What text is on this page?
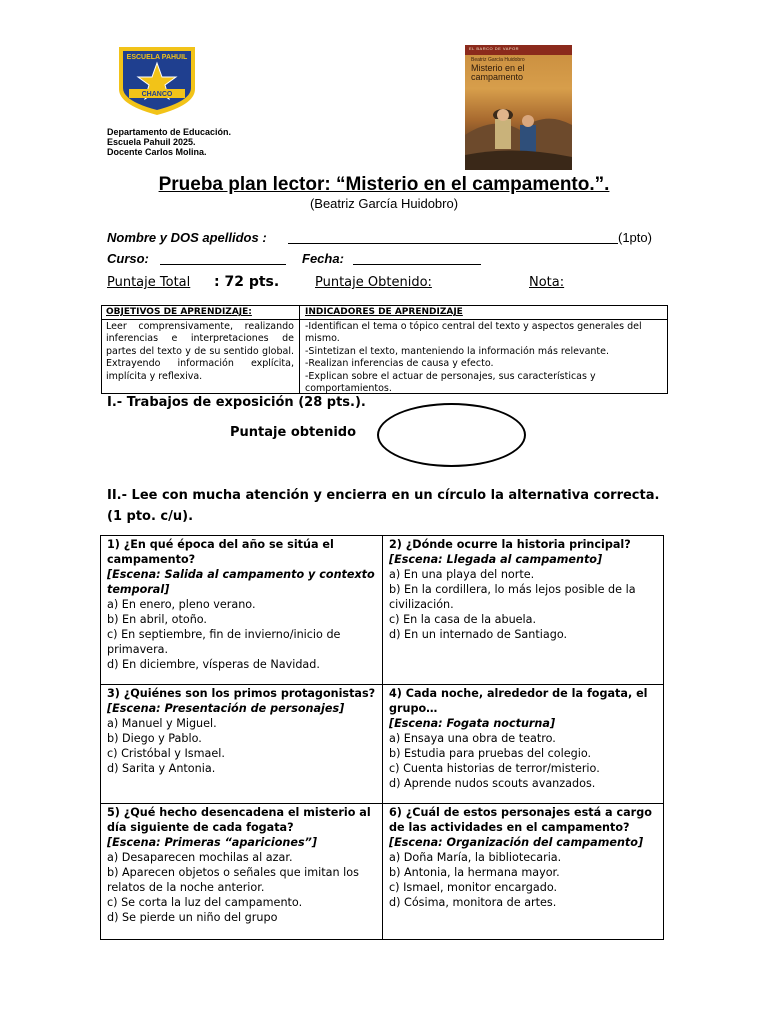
ESCUELA PAHUIL
CHANCO
Departamento de Educación.
Escuela Pahuil 2025.
Docente Carlos Molina.
EL BARCO DE VAPOR
Beatriz García Huidobro
Misterio en el campamento
Prueba plan lector: “Misterio en el campamento.”.
(Beatriz García Huidobro)
Nombre y DOS apellidos :	(1pto)
Curso:	Fecha:
Puntaje Total : 72 pts.	Puntaje Obtenido:	Nota:
OBJETIVOS DE APRENDIZAJE:	INDICADORES DE APRENDIZAJE
Leer comprensivamente, realizando inferencias e interpretaciones de partes del texto y de su sentido global. Extrayendo información explícita, implícita y reflexiva.
-Identifican el tema o tópico central del texto y aspectos generales del mismo.
-Sintetizan el texto, manteniendo la información más relevante.
-Realizan inferencias de causa y efecto.
-Explican sobre el actuar de personajes, sus características y comportamientos.
I.- Trabajos de exposición (28 pts.).
Puntaje obtenido
II.- Lee con mucha atención y encierra en un círculo la alternativa correcta. (1 pto. c/u).
1) ¿En qué época del año se sitúa el campamento?
[Escena: Salida al campamento y contexto temporal]
a) En enero, pleno verano.
b) En abril, otoño.
c) En septiembre, fin de invierno/inicio de primavera.
d) En diciembre, vísperas de Navidad.
2) ¿Dónde ocurre la historia principal?
[Escena: Llegada al campamento]
a) En una playa del norte.
b) En la cordillera, lo más lejos posible de la civilización.
c) En la casa de la abuela.
d) En un internado de Santiago.
3) ¿Quiénes son los primos protagonistas?
[Escena: Presentación de personajes]
a) Manuel y Miguel.
b) Diego y Pablo.
c) Cristóbal y Ismael.
d) Sarita y Antonia.
4) Cada noche, alrededor de la fogata, el grupo…
[Escena: Fogata nocturna]
a) Ensaya una obra de teatro.
b) Estudia para pruebas del colegio.
c) Cuenta historias de terror/misterio.
d) Aprende nudos scouts avanzados.
5) ¿Qué hecho desencadena el misterio al día siguiente de cada fogata?
[Escena: Primeras “apariciones”]
a) Desaparecen mochilas al azar.
b) Aparecen objetos o señales que imitan los relatos de la noche anterior.
c) Se corta la luz del campamento.
d) Se pierde un niño del grupo
6) ¿Cuál de estos personajes está a cargo de las actividades en el campamento?
[Escena: Organización del campamento]
a) Doña María, la bibliotecaria.
b) Antonia, la hermana mayor.
c) Ismael, monitor encargado.
d) Cósima, monitora de artes.
